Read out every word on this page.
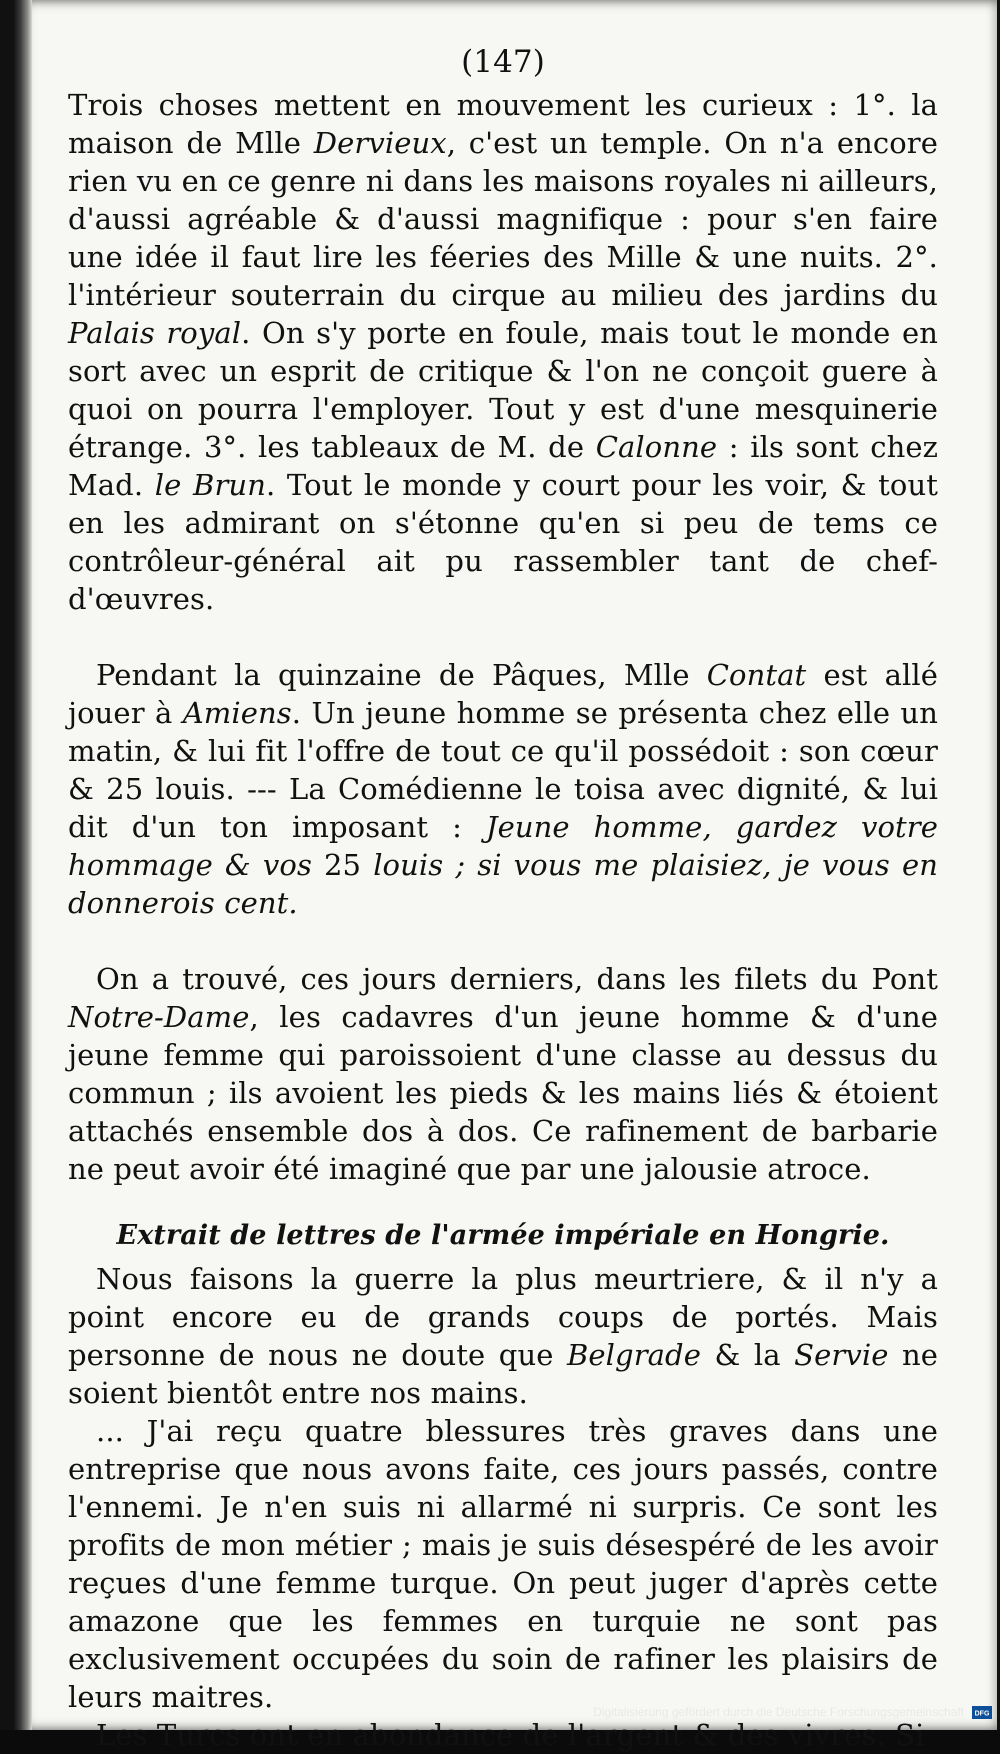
(147)

Trois choses mettent en mouvement les curieux : 1°. la maison de Mlle Dervieux, c'est un temple. On n'a encore rien vu en ce genre ni dans les maisons royales ni ailleurs, d'aussi agréable & d'aussi magnifique : pour s'en faire une idée il faut lire les féeries des Mille & une nuits. 2°. l'intérieur souterrain du cirque au milieu des jardins du Palais royal. On s'y porte en foule, mais tout le monde en sort avec un esprit de critique & l'on ne conçoit guere à quoi on pourra l'employer. Tout y est d'une mesquinerie étrange. 3°. les tableaux de M. de Calonne : ils sont chez Mad. le Brun. Tout le monde y court pour les voir, & tout en les admirant on s'étonne qu'en si peu de tems ce contrôleur-général ait pu rassembler tant de chef-d'œuvres.

Pendant la quinzaine de Pâques, Mlle Contat est allé jouer à Amiens. Un jeune homme se présenta chez elle un matin, & lui fit l'offre de tout ce qu'il possédoit : son cœur & 25 louis. --- La Comédienne le toisa avec dignité, & lui dit d'un ton imposant : Jeune homme, gardez votre hommage & vos 25 louis ; si vous me plaisiez, je vous en donnerois cent.

On a trouvé, ces jours derniers, dans les filets du Pont Notre-Dame, les cadavres d'un jeune homme & d'une jeune femme qui paroissoient d'une classe au dessus du commun ; ils avoient les pieds & les mains liés & étoient attachés ensemble dos à dos. Ce rafinement de barbarie ne peut avoir été imaginé que par une jalousie atroce.

Extrait de lettres de l'armée impériale en Hongrie.

Nous faisons la guerre la plus meurtriere, & il n'y a point encore eu de grands coups de portés. Mais personne de nous ne doute que Belgrade & la Servie ne soient bientôt entre nos mains.

... J'ai reçu quatre blessures très graves dans une entreprise que nous avons faite, ces jours passés, contre l'ennemi. Je n'en suis ni allarmé ni surpris. Ce sont les profits de mon métier ; mais je suis désespéré de les avoir reçues d'une femme turque. On peut juger d'après cette amazone que les femmes en turquie ne sont pas exclusivement occupées du soin de rafiner les plaisirs de leurs maitres.

Les Turcs ont en abondance de l'argent & des vivres. Si

Digitalisierung gefördert durch die Deutsche Forschungsgemeinschaft DFG
